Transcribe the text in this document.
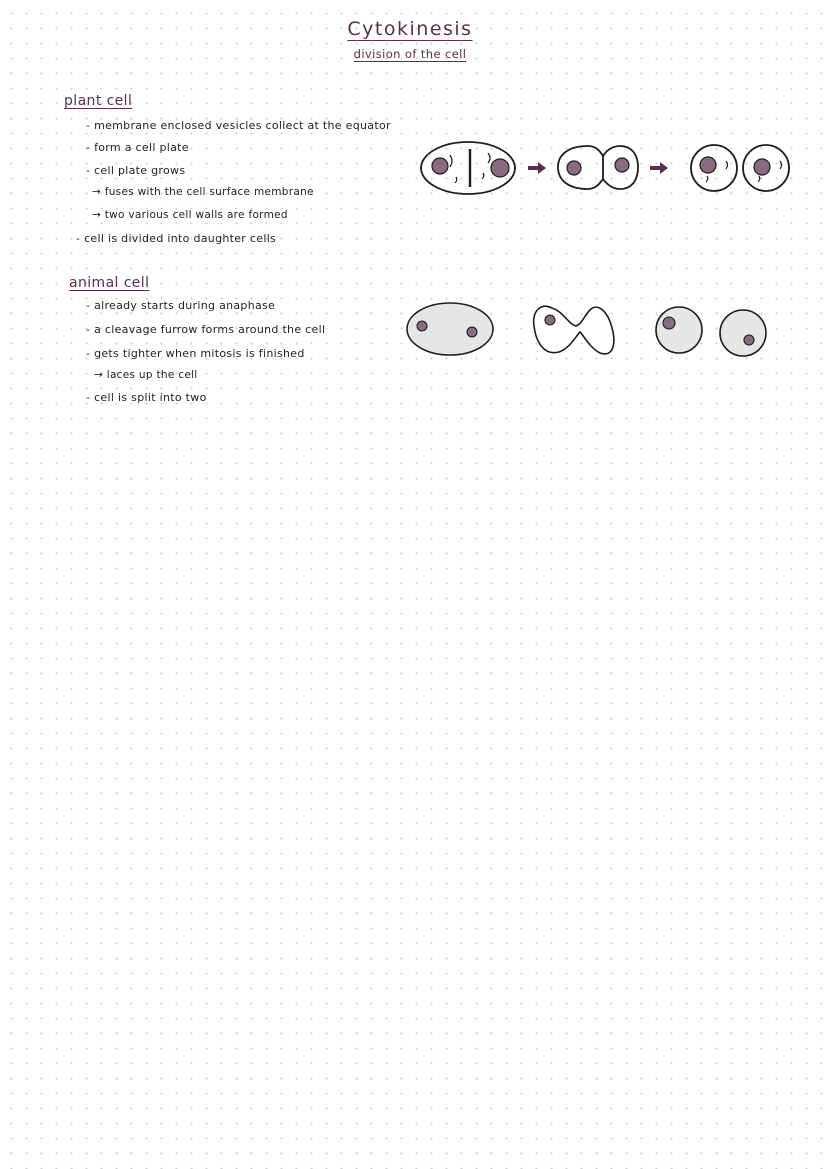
Cytokinesis
division of the cell
plant cell
- membrane enclosed vesicles collect at the equator
- form a cell plate
- cell plate grows
→ fuses with the cell surface membrane
→ two various cell walls are formed
- cell is divided into daughter cells
animal cell
- already starts during anaphase
- a cleavage furrow forms around the cell
- gets tighter when mitosis is finished
→ laces up the cell
- cell is split into two
